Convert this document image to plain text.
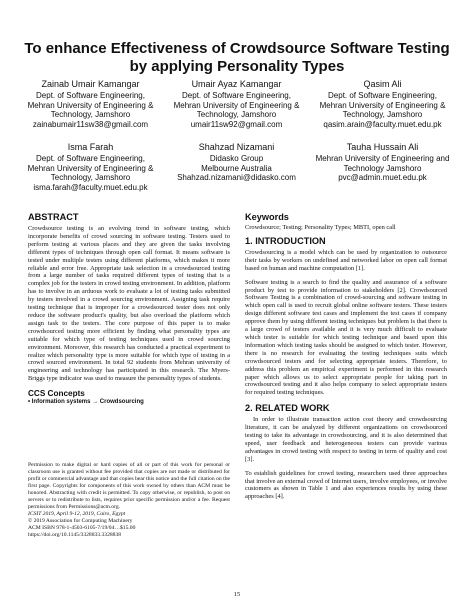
To enhance Effectiveness of Crowdsource Software Testing by applying Personality Types
Zainab Umair Kamangar
Dept. of Software Engineering,
Mehran University of Engineering &
Technology, Jamshoro
zainabumair11sw38@gmail.com
Umair Ayaz Kamangar
Dept. of Software Engineering,
Mehran University of Engineering &
Technology, Jamshoro
umair11sw92@gmail.com
Qasim Ali
Dept. of Software Engineering,
Mehran University of Engineering &
Technology, Jamshoro
qasim.arain@faculty.muet.edu.pk
Isma Farah
Dept. of Software Engineering,
Mehran University of Engineering &
Technology, Jamshoro
isma.farah@faculty.muet.edu.pk
Shahzad Nizamani
Didasko Group
Melbourne Australia
Shahzad.nizamani@didasko.com
Tauha Hussain Ali
Mehran University of Engineering and
Technology Jamshoro
pvc@admin.muet.edu.pk
ABSTRACT

Crowdsource testing is an evolving trend in software testing, which incorporate benefits of crowd sourcing in software testing. Testers used to perform testing at various places and they are given the tasks involving different types of techniques through open call format. It means software is tested under multiple testers using different platforms, which makes it more reliable and error free. Appropriate task selection in a crowdsourced testing from a large number of tasks required different types of testing that is a complex job for the testers in crowd testing environment. In addition, platform has to involve in an arduous work to evaluate a lot of testing tasks submitted by testers involved in a crowd sourcing environment. Assigning task require testing technique that is improper for a crowdsourced tester does not only reduce the software product's quality, but also overload the platform which assign task to the testers. The core purpose of this paper is to make crowdsourced testing more efficient by finding what personality types are suitable for which type of testing techniques used in crowd sourcing environment. Moreover, this research has conducted a practical experiment to realize which personality type is more suitable for which type of testing in a crowd sourced environment. In total 92 students from Mehran university of engineering and technology has participated in this research. The Myers-Briggs type indicator was used to measure the personality types of students.

CCS Concepts

• Information systems → Crowdsourcing

Permission to make digital or hard copies of all or part of this work for personal or classroom use is granted without fee provided that copies are not made or distributed for profit or commercial advantage and that copies bear this notice and the full citation on the first page. Copyrights for components of this work owned by others than ACM must be honored. Abstracting with credit is permitted. To copy otherwise, or republish, to post on servers or to redistribute to lists, requires prior specific permission and/or a fee. Request permissions from Permissions@acm.org.

ICSIT 2019, April 9-12, 2019, Cairo, Egypt

© 2019 Association for Computing Machinery

ACM ISBN 978-1-4503-6105-7/19/04…$15.00

https://doi.org/10.1145/3328833.3328838

Keywords

Crowdsource; Testing; Personality Types; MBTI, open call

1. INTRODUCTION

Crowdsourcing is a model which can be used by organization to outsource their tasks by workers on undefined and networked labor on open call format based on human and machine computation [1].

Software testing is a search to find the quality and assurance of a software product by test to provide information to stakeholders [2]. Crowdsourced Software Testing is a combination of crowd-sourcing and software testing in which open call is used to recruit global online software testers. These testers design different software test cases and implement the test cases if company approve them by using different testing techniques but problem is that there is a large crowd of testers available and it is very much difficult to evaluate which tester is suitable for which testing technique and based upon this information which testing tasks should be assigned to which tester. However, there is no research for evaluating the testing techniques suits which crowdsourced testers and for selecting appropriate testers. Therefore, to address this problem an empirical experiment is performed in this research paper which allows us to select appropriate people for taking part in crowdsourced testing and it also helps company to select appropriate testers for required testing techniques.

2. RELATED WORK

In order to illustrate transaction action cost theory and crowdsourcing literature, it can be analyzed by different organizations on crowdsourced testing to take its advantage in crowdsourcing, and it is also determined that speed, user feedback and heterogeneous testers can provide various advantages in crowd testing with respect to testing in term of quality and cost [3].

To establish guidelines for crowd testing, researchers used three approaches that involve an external crowd of Internet users, involve employees, or involve customers as shown in Table 1 and also experiences results by using these approaches [4].

15
